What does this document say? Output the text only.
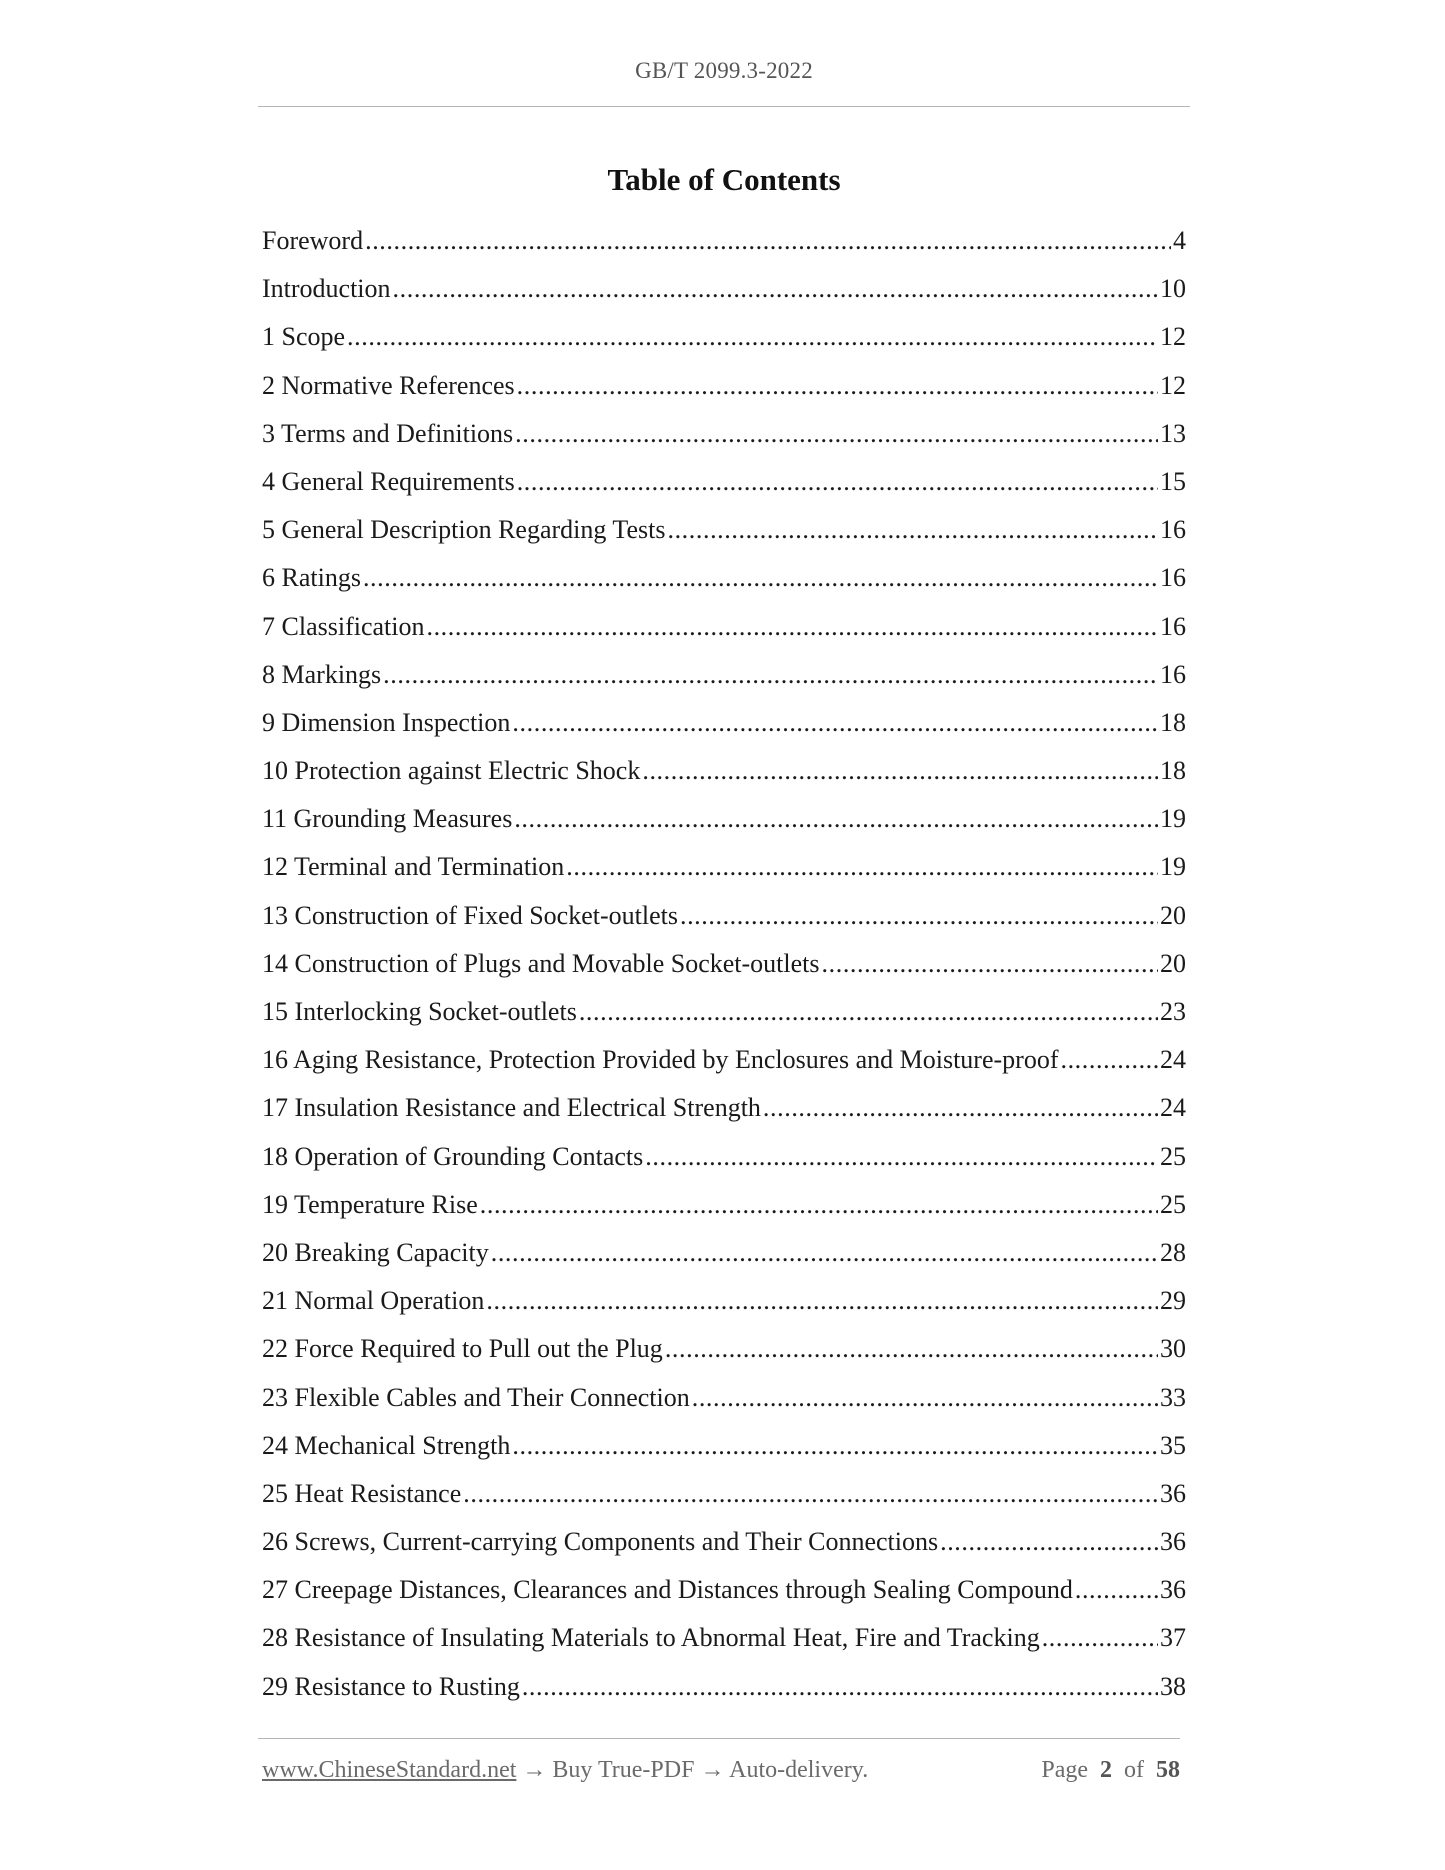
GB/T 2099.3-2022
Table of Contents
Foreword .....	4
Introduction .....	10
1 Scope .....	12
2 Normative References .....	12
3 Terms and Definitions .....	13
4 General Requirements .....	15
5 General Description Regarding Tests .....	16
6 Ratings .....	16
7 Classification .....	16
8 Markings .....	16
9 Dimension Inspection .....	18
10 Protection against Electric Shock .....	18
11 Grounding Measures .....	19
12 Terminal and Termination .....	19
13 Construction of Fixed Socket-outlets .....	20
14 Construction of Plugs and Movable Socket-outlets .....	20
15 Interlocking Socket-outlets .....	23
16 Aging Resistance, Protection Provided by Enclosures and Moisture-proof .....	24
17 Insulation Resistance and Electrical Strength .....	24
18 Operation of Grounding Contacts .....	25
19 Temperature Rise .....	25
20 Breaking Capacity .....	28
21 Normal Operation .....	29
22 Force Required to Pull out the Plug .....	30
23 Flexible Cables and Their Connection .....	33
24 Mechanical Strength .....	35
25 Heat Resistance .....	36
26 Screws, Current-carrying Components and Their Connections .....	36
27 Creepage Distances, Clearances and Distances through Sealing Compound .....	36
28 Resistance of Insulating Materials to Abnormal Heat, Fire and Tracking .....	37
29 Resistance to Rusting .....	38
www.ChineseStandard.net → Buy True-PDF → Auto-delivery.	Page 2 of 58
